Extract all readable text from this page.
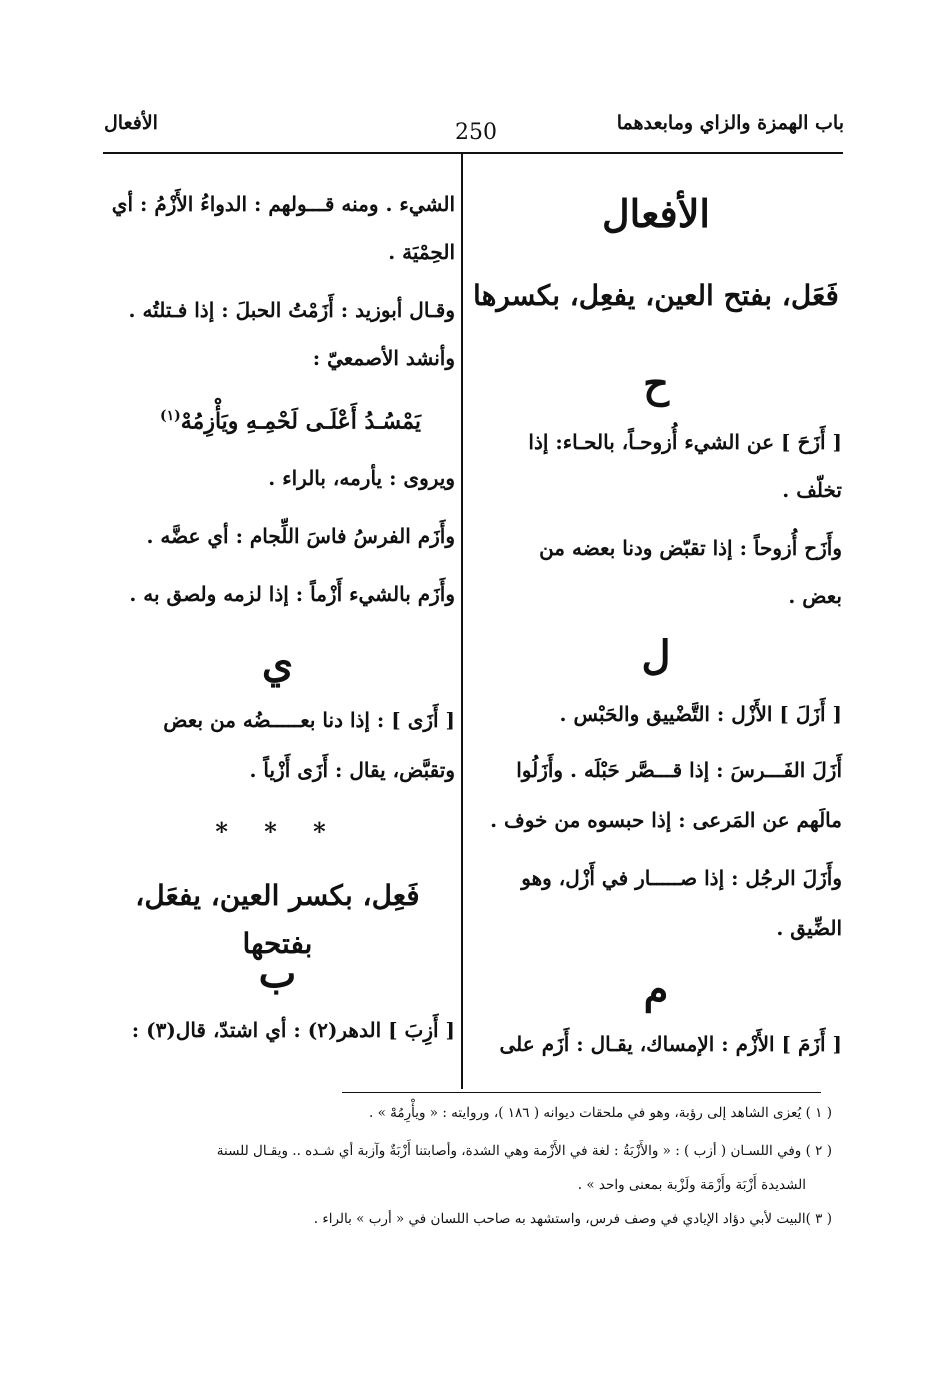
باب الهمزة والزاي ومابعدهما
250
الأفعال
الأفعال
فَعَل، بفتح العين، يفعِل، بكسرها
ح
[ أَزَحَ ] عن الشيء أُزوحـاً، بالحـاء: إذا
تخلّف .
وأَزَح أُزوحاً : إذا تقبّض ودنا بعضه من
بعض .
ل
[ أَزَلَ ] الأَزْل : التَّضْييق والحَبْس .
أَزَلَ الفَـــرسَ : إذا قـــصَّر حَبْلَه . وأَزَلُوا
مالَهم عن المَرعى : إذا حبسوه من خوف .
وأَزَلَ الرجُل : إذا صـــــار في أَزْل، وهو
الضِّيق .
م
[ أَزَمَ ] الأَزْم : الإمساك، يقـال : أَزَم على
الشيء . ومنه قـــولهم : الدواءُ الأَزْمُ : أي
الحِمْيَة .
وقـال أبوزيد : أَزَمْتُ الحبلَ : إذا فـتلتُه .
وأنشد الأصمعيّ :
يَمْسُـدُ أَعْلَـى لَحْمِـهِ ويَأْزِمُهْ$^{(١)}$
ويروى : يأرمه، بالراء .
وأَزَم الفرسُ فاسَ اللِّجام : أي عضَّه .
وأَزَم بالشيء أَزْماً : إذا لزمه ولصق به .
ي
[ أَزَى ] : إذا دنا بعـــــضُه من بعض
وتقبَّض، يقال : أَزَى أَزْياً .
* * *
فَعِل، بكسر العين، يفعَل، بفتحها
ب
[ أَزِبَ ] الدهر(٢) : أي اشتدّ، قال(٣) :
( ١ ) يُعزى الشاهد إلى رؤبة، وهو في ملحقات ديوانه ( ١٨٦ )، وروايته : « ويأْرِمُهْ » .
( ٢ ) وفي اللسـان ( أزب ) : « والأَزْبَةُ : لغة في الأَزْمة وهي الشدة، وأصابتنا أَزْبَةٌ وآزبة أي شـده .. ويقـال للسنة
الشديدة أَزْبَة وأَزْمَة ولَزْبة بمعنى واحد » .
( ٣ )البيت لأبي دؤاد الإيادي في وصف فرس، واستشهد به صاحب اللسان في « أرب » بالراء .
